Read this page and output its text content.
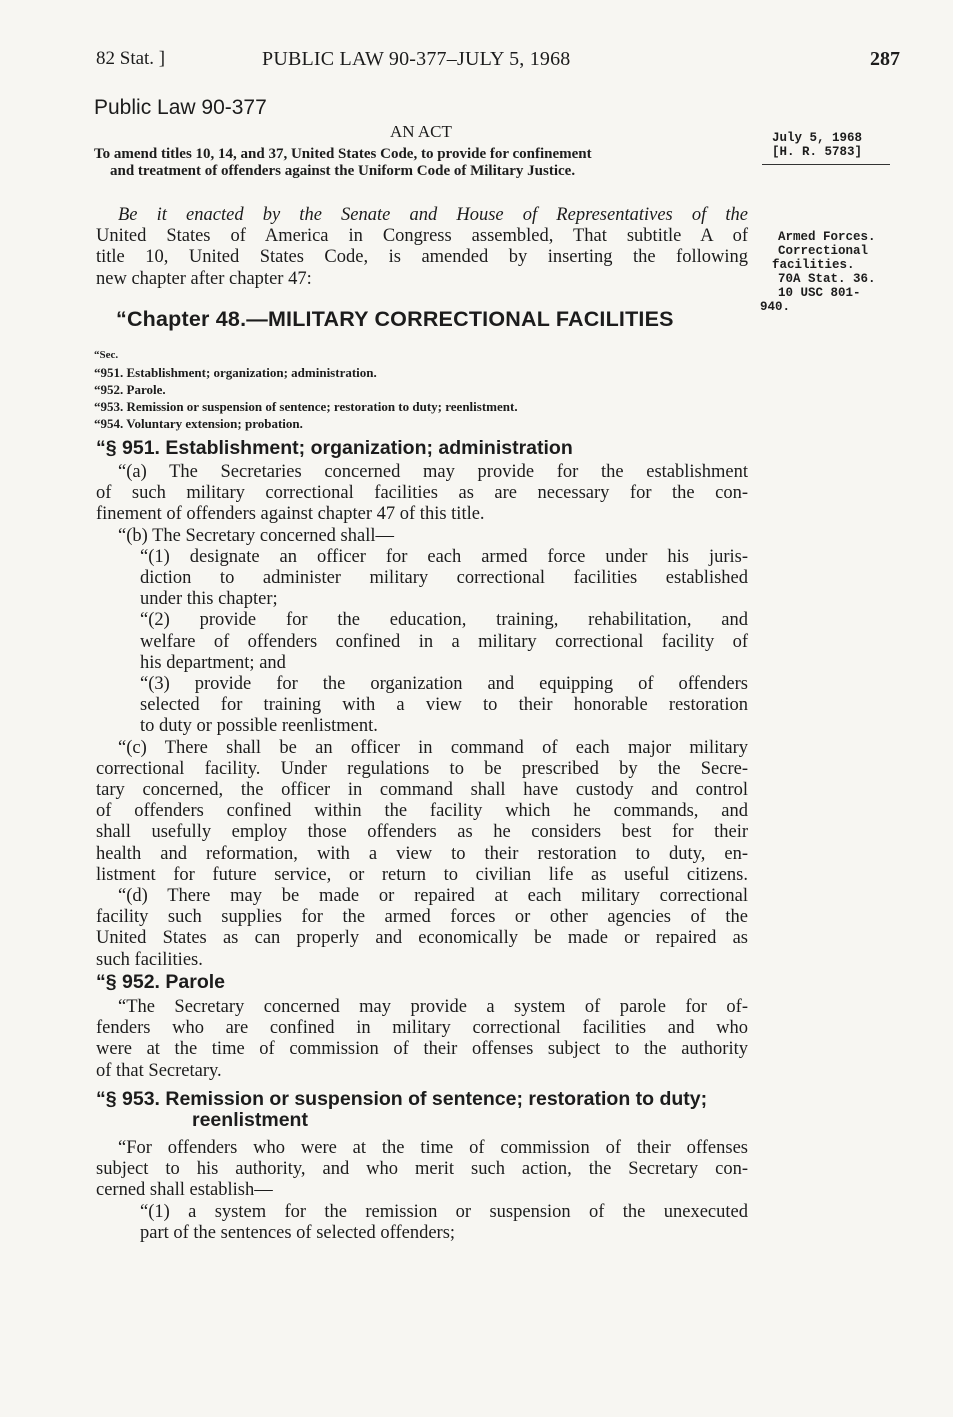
82 Stat. ]	PUBLIC LAW 90-377–JULY 5, 1968	287
Public Law 90-377
AN ACT
To amend titles 10, 14, and 37, United States Code, to provide for confinement
and treatment of offenders against the Uniform Code of Military Justice.
July 5, 1968
[H. R. 5783]
Armed Forces.
Correctional
facilities.
70A Stat. 36.
10 USC 801-
940.
Be it enacted by the Senate and House of Representatives of the
United States of America in Congress assembled, That subtitle A of
title 10, United States Code, is amended by inserting the following
new chapter after chapter 47:
“Chapter 48.—MILITARY CORRECTIONAL FACILITIES
“Sec.
“951. Establishment; organization; administration.
“952. Parole.
“953. Remission or suspension of sentence; restoration to duty; reenlistment.
“954. Voluntary extension; probation.
“§ 951. Establishment; organization; administration
“(a) The Secretaries concerned may provide for the establishment
of such military correctional facilities as are necessary for the con-
finement of offenders against chapter 47 of this title.
“(b) The Secretary concerned shall—
“(1) designate an officer for each armed force under his juris-
diction to administer military correctional facilities established
under this chapter;
“(2) provide for the education, training, rehabilitation, and
welfare of offenders confined in a military correctional facility of
his department; and
“(3) provide for the organization and equipping of offenders
selected for training with a view to their honorable restoration
to duty or possible reenlistment.
“(c) There shall be an officer in command of each major military
correctional facility. Under regulations to be prescribed by the Secre-
tary concerned, the officer in command shall have custody and control
of offenders confined within the facility which he commands, and
shall usefully employ those offenders as he considers best for their
health and reformation, with a view to their restoration to duty, en-
listment for future service, or return to civilian life as useful citizens.
“(d) There may be made or repaired at each military correctional
facility such supplies for the armed forces or other agencies of the
United States as can properly and economically be made or repaired as
such facilities.
“§ 952. Parole
“The Secretary concerned may provide a system of parole for of-
fenders who are confined in military correctional facilities and who
were at the time of commission of their offenses subject to the authority
of that Secretary.
“§ 953. Remission or suspension of sentence; restoration to duty;
reenlistment
“For offenders who were at the time of commission of their offenses
subject to his authority, and who merit such action, the Secretary con-
cerned shall establish—
“(1) a system for the remission or suspension of the unexecuted
part of the sentences of selected offenders;
